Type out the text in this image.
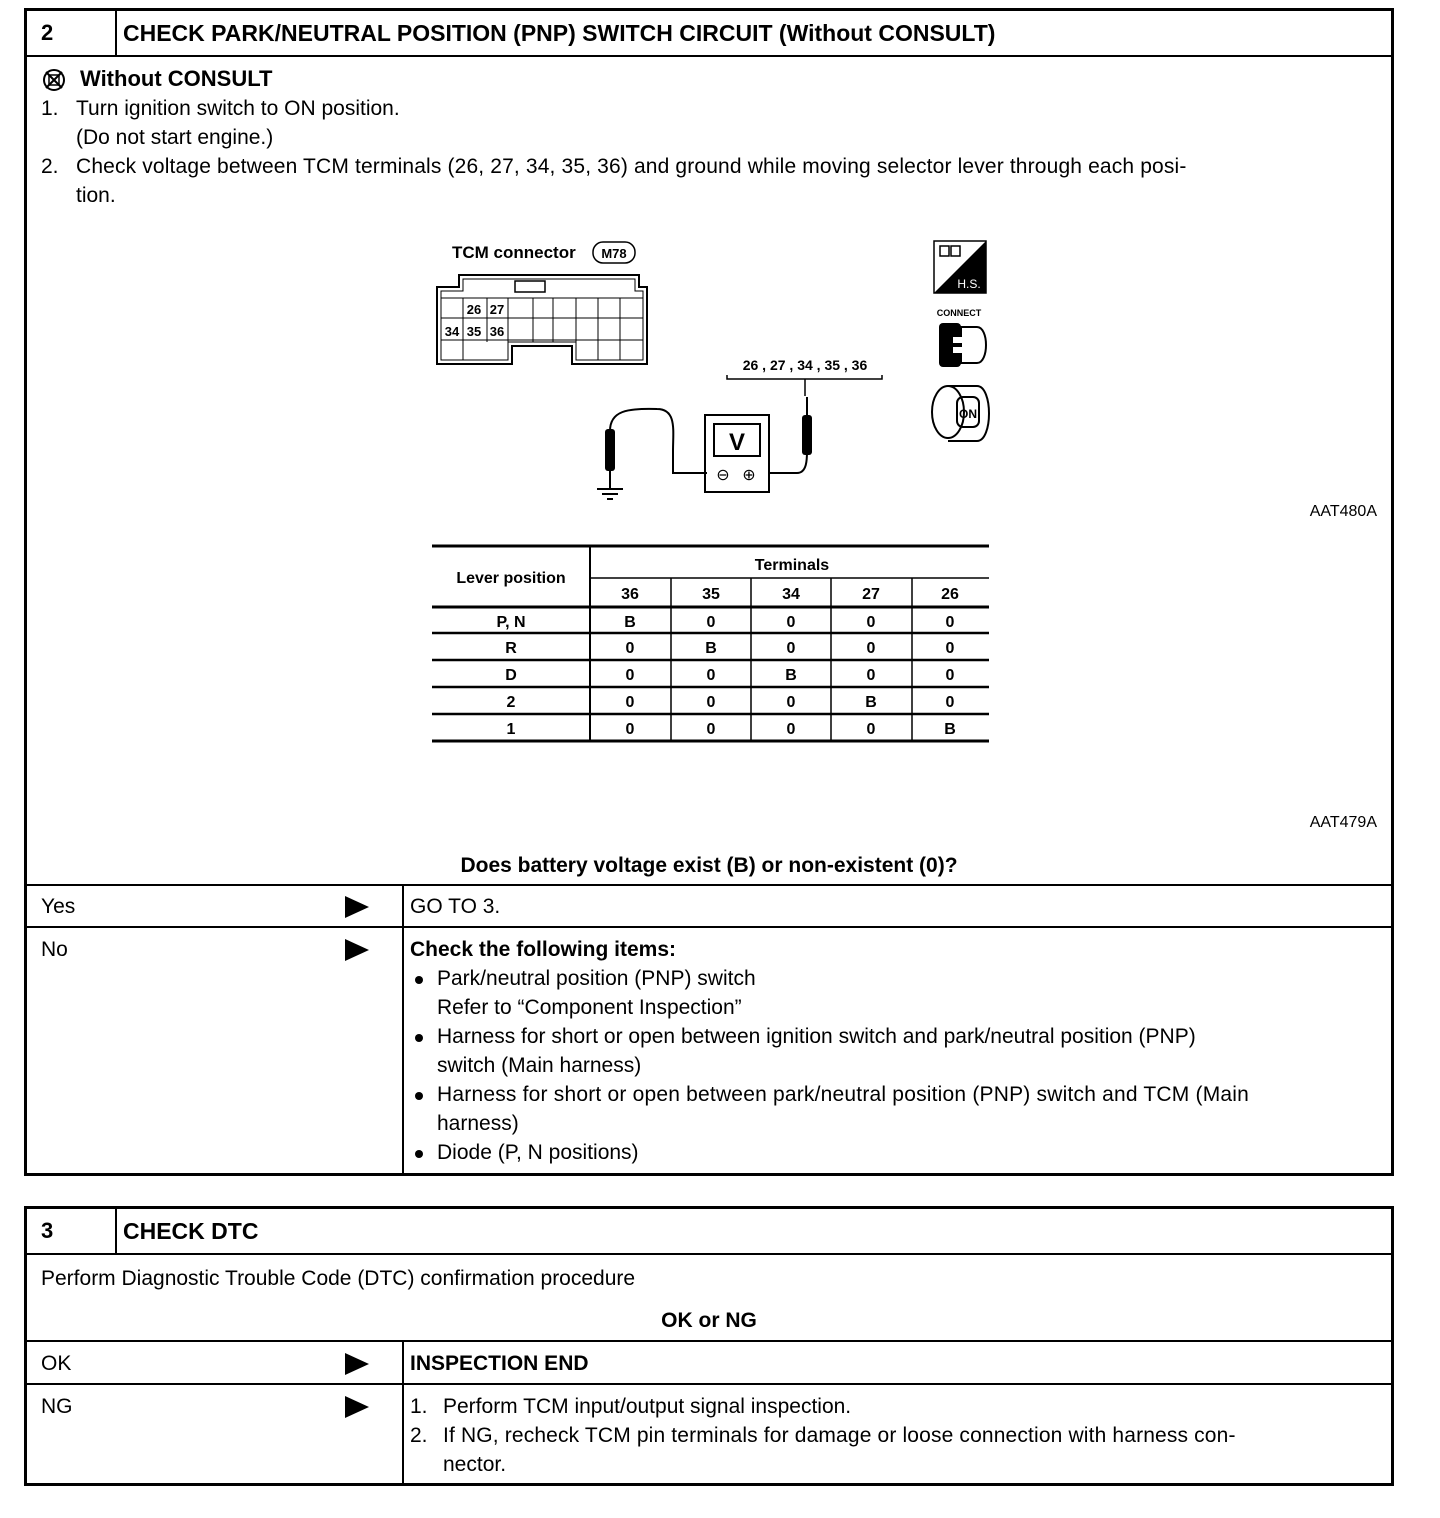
2	CHECK PARK/NEUTRAL POSITION (PNP) SWITCH CIRCUIT (Without CONSULT)
Without CONSULT
1. Turn ignition switch to ON position.
(Do not start engine.)
2. Check voltage between TCM terminals (26, 27, 34, 35, 36) and ground while moving selector lever through each posi-
tion.
TCM connector M78
26 27
34 35 36
26 , 27 , 34 , 35 , 36
V
⊖ ⊕
H.S.
CONNECT
ON
AAT480A
Lever position
Terminals
36	35	34	27	26
P, N	B	0	0	0	0
R	0	B	0	0	0
D	0	0	B	0	0
2	0	0	0	B	0
1	0	0	0	0	B
AAT479A
Does battery voltage exist (B) or non-existent (0)?
Yes	GO TO 3.
No	Check the following items:
Park/neutral position (PNP) switch
Refer to “Component Inspection”
Harness for short or open between ignition switch and park/neutral position (PNP)
switch (Main harness)
Harness for short or open between park/neutral position (PNP) switch and TCM (Main
harness)
Diode (P, N positions)
3	CHECK DTC
Perform Diagnostic Trouble Code (DTC) confirmation procedure
OK or NG
OK	INSPECTION END
NG	1. Perform TCM input/output signal inspection.
2. If NG, recheck TCM pin terminals for damage or loose connection with harness con-
nector.
